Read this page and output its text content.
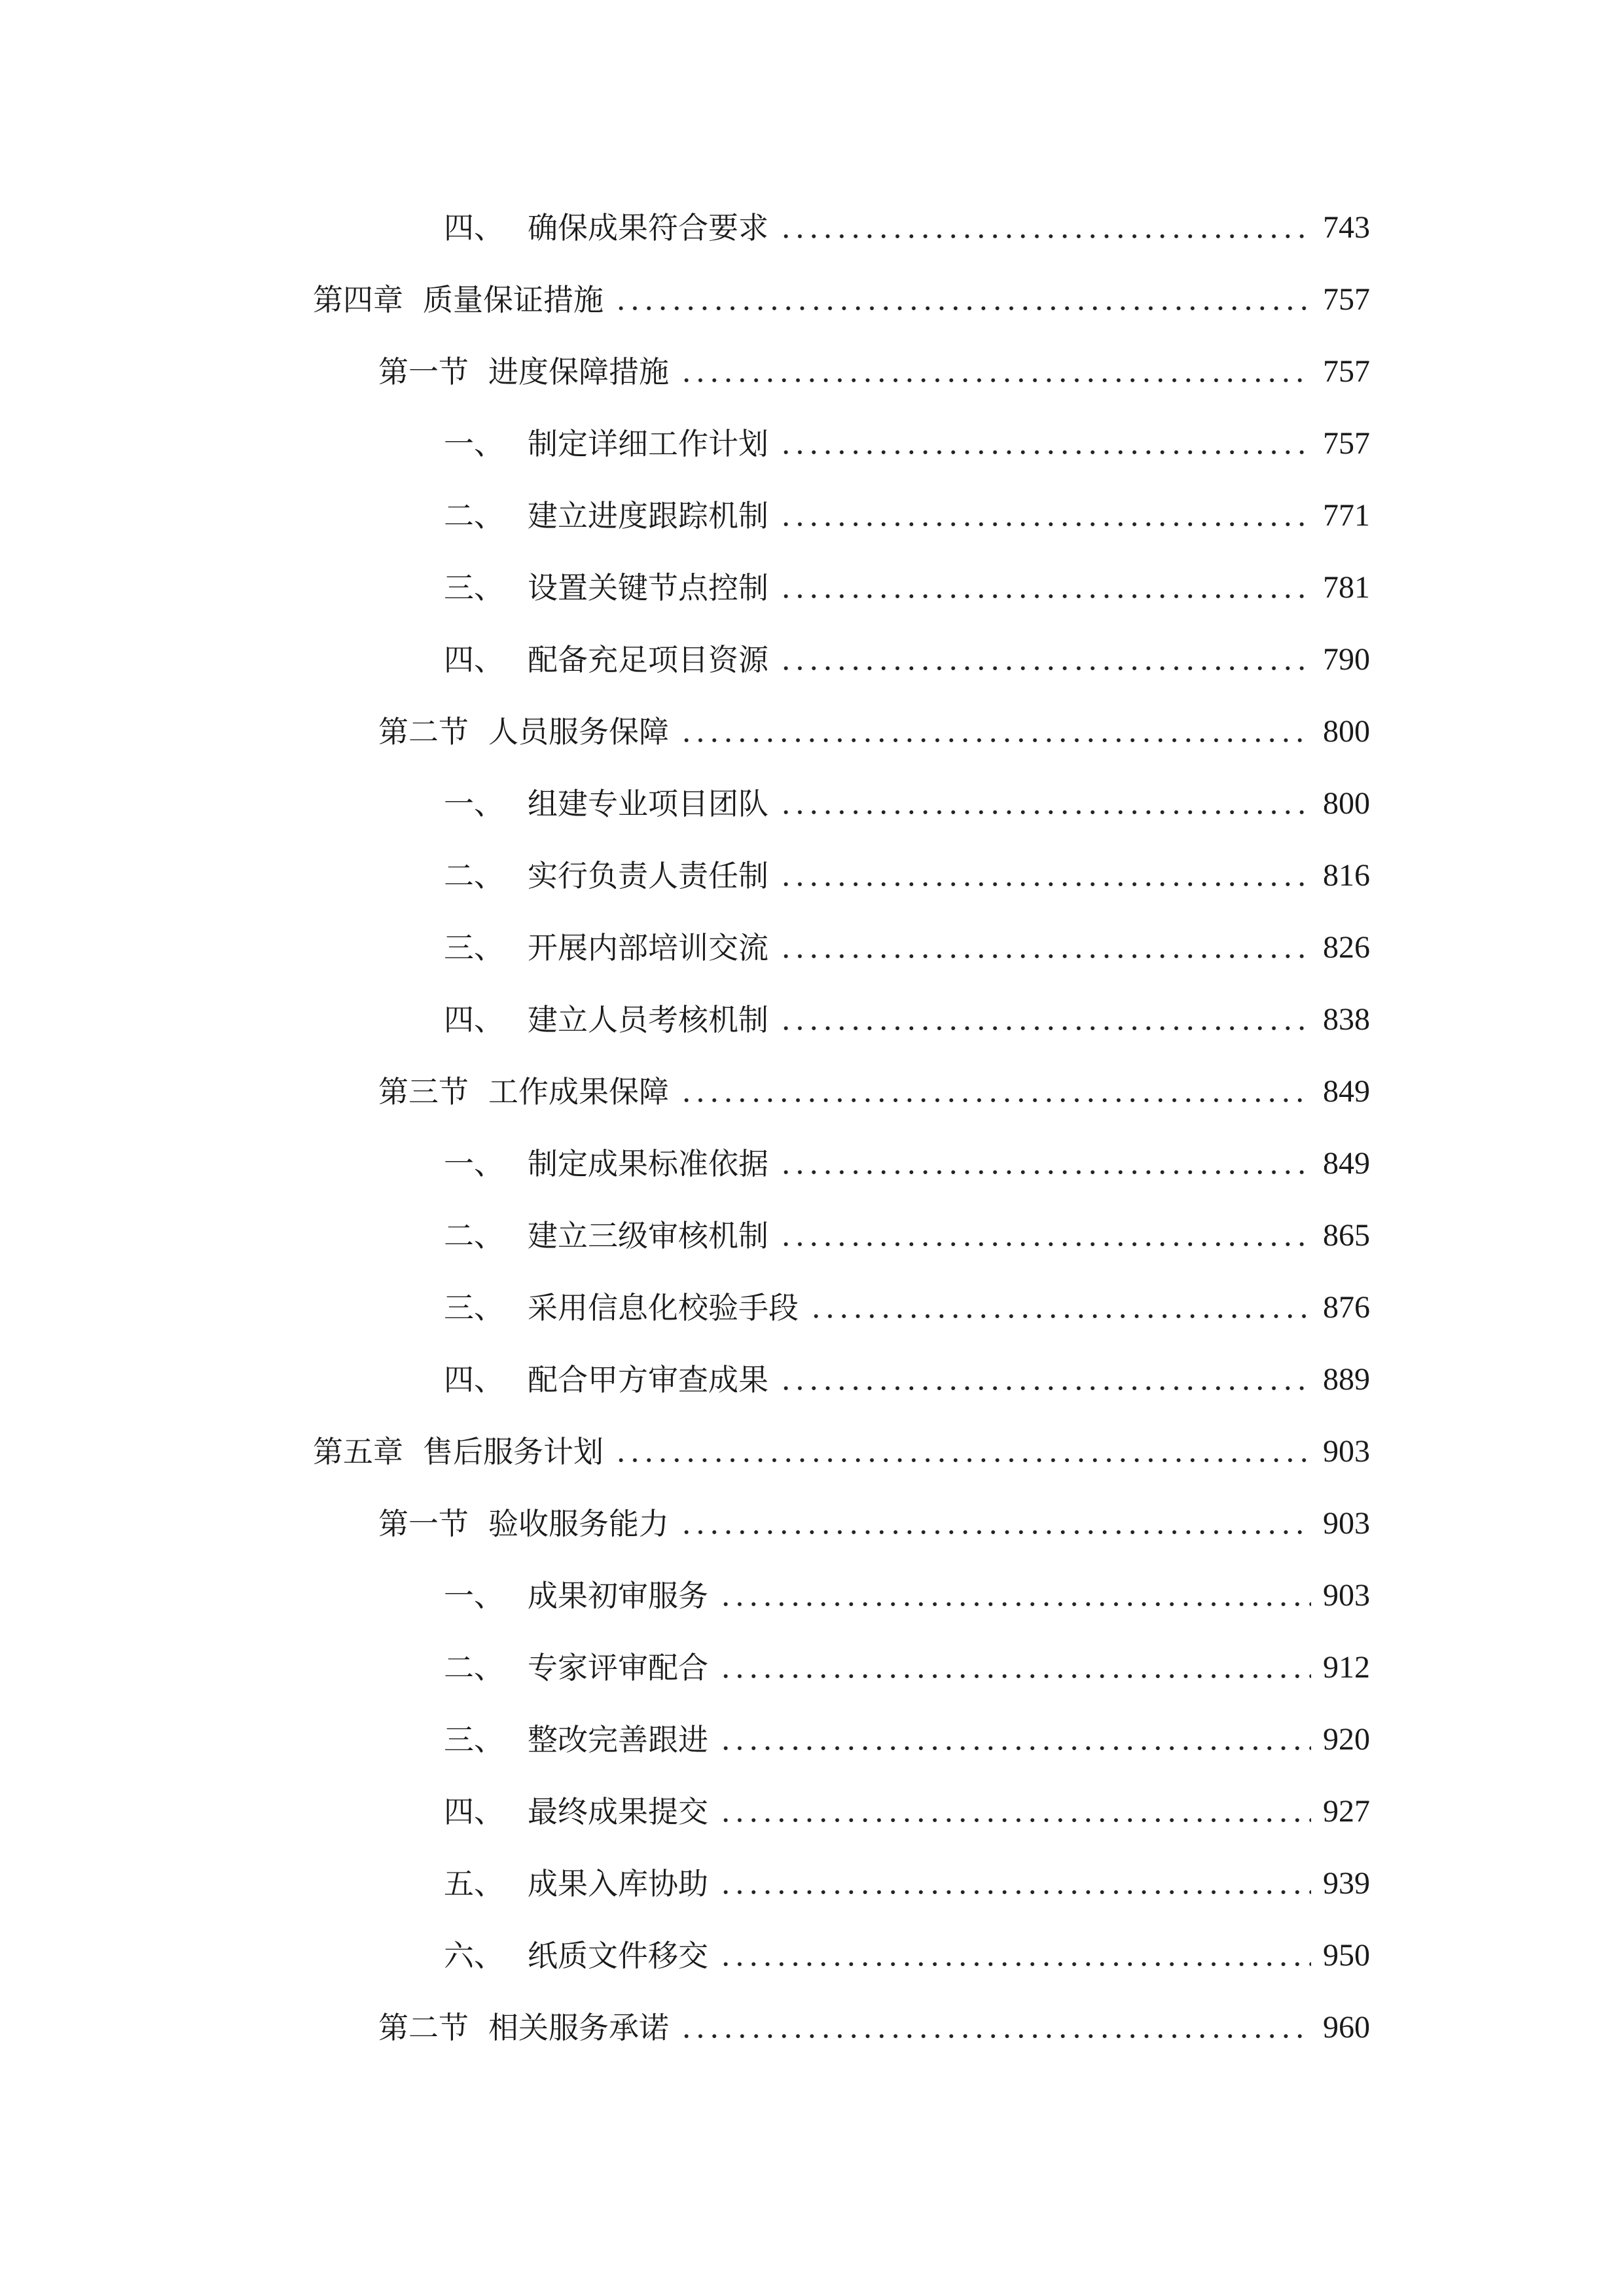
四、 确保成果符合要求	743
第四章 质量保证措施	757
第一节 进度保障措施	757
一、 制定详细工作计划	757
二、 建立进度跟踪机制	771
三、 设置关键节点控制	781
四、 配备充足项目资源	790
第二节 人员服务保障	800
一、 组建专业项目团队	800
二、 实行负责人责任制	816
三、 开展内部培训交流	826
四、 建立人员考核机制	838
第三节 工作成果保障	849
一、 制定成果标准依据	849
二、 建立三级审核机制	865
三、 采用信息化校验手段	876
四、 配合甲方审查成果	889
第五章 售后服务计划	903
第一节 验收服务能力	903
一、 成果初审服务	903
二、 专家评审配合	912
三、 整改完善跟进	920
四、 最终成果提交	927
五、 成果入库协助	939
六、 纸质文件移交	950
第二节 相关服务承诺	960
